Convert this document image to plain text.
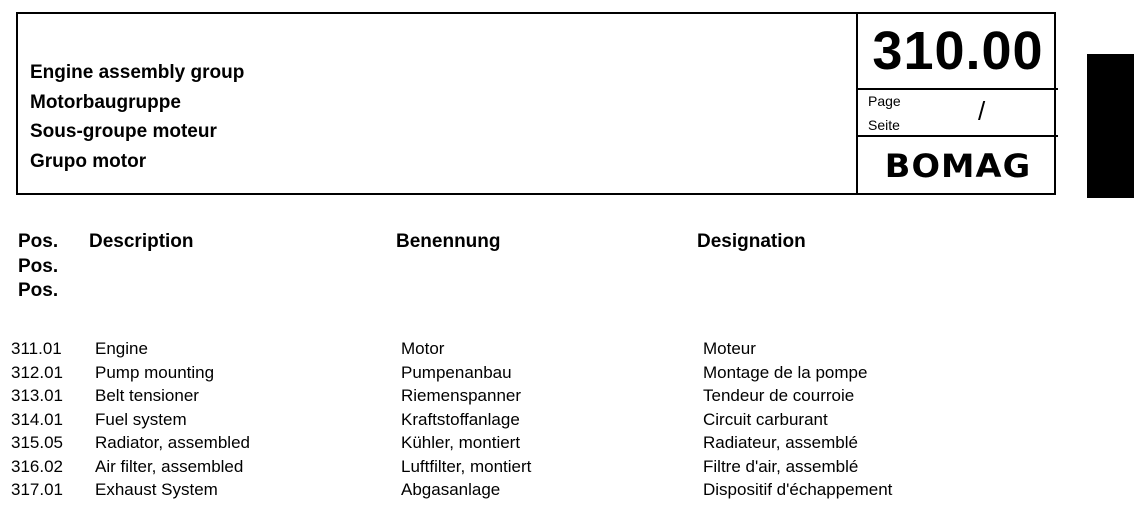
Engine assembly group
Motorbaugruppe
Sous-groupe moteur
Grupo motor
310.00
Page
Seite	/
BOMAG
Pos.
Pos.
Pos.
Description	Benennung	Designation
311.01 Engine	Motor	Moteur
312.01 Pump mounting	Pumpenanbau	Montage de la pompe
313.01 Belt tensioner	Riemenspanner	Tendeur de courroie
314.01 Fuel system	Kraftstoffanlage	Circuit carburant
315.05 Radiator, assembled	Kühler, montiert	Radiateur, assemblé
316.02 Air filter, assembled	Luftfilter, montiert	Filtre d'air, assemblé
317.01 Exhaust System	Abgasanlage	Dispositif d'échappement
